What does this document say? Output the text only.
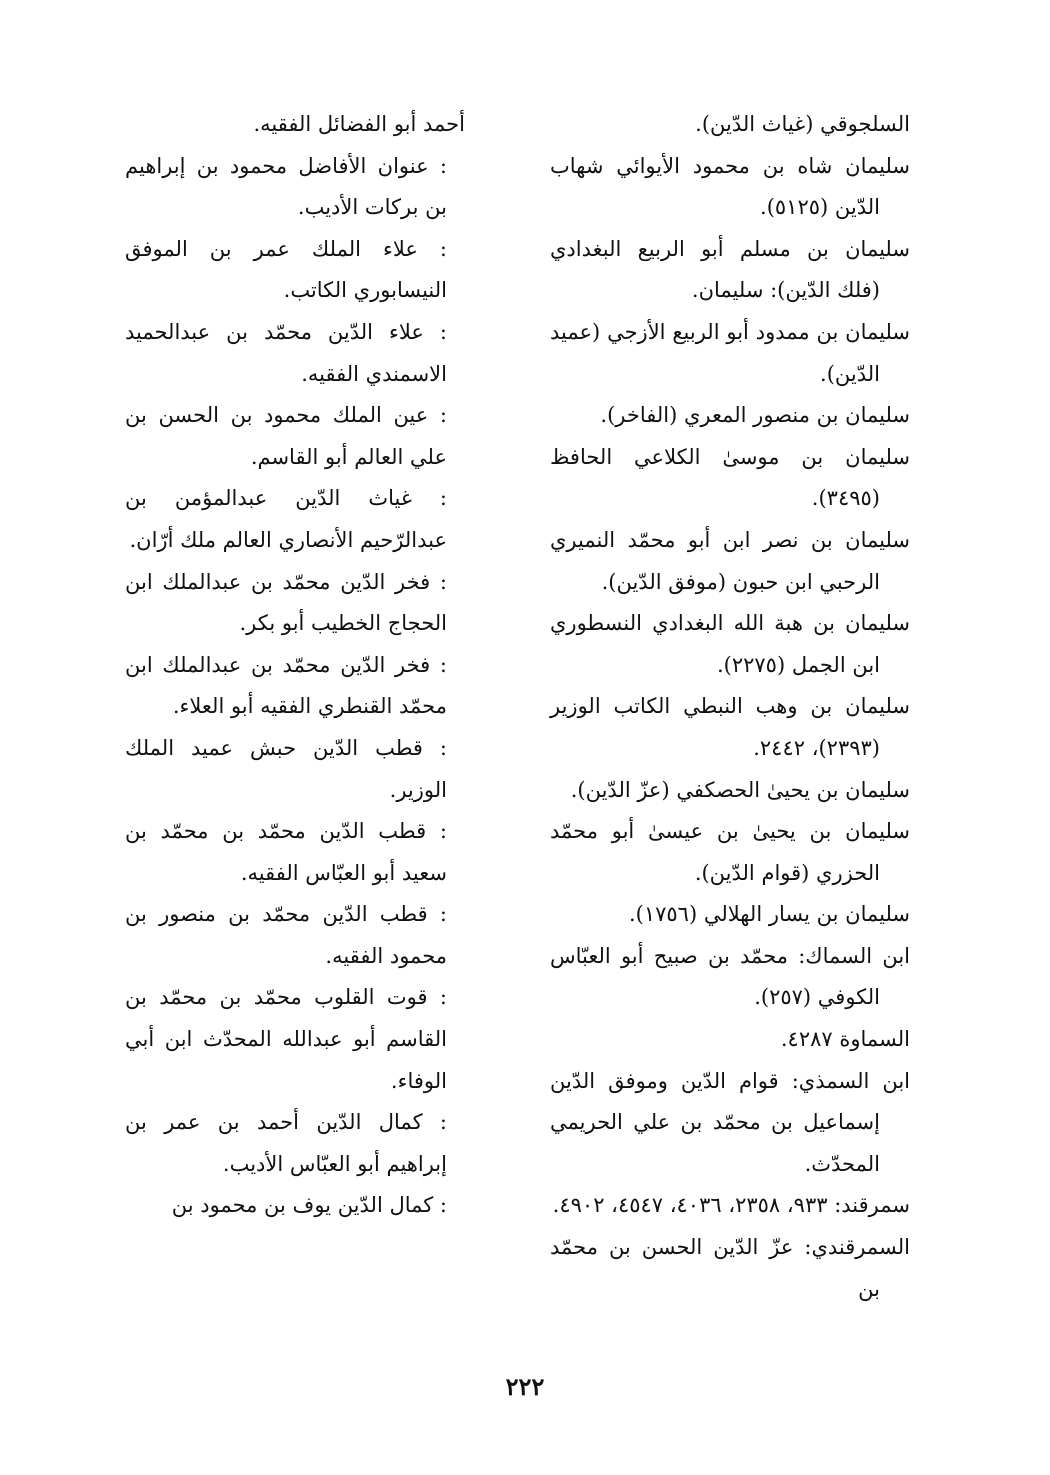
السلجوقي (غياث الدّين).
سليمان شاه بن محمود الأيوائي شهاب الدّين (٥١٢٥).
سليمان بن مسلم أبو الربيع البغدادي (فلك الدّين): سليمان.
سليمان بن ممدود أبو الربيع الأزجي (عميد الدّين).
سليمان بن منصور المعري (الفاخر).
سليمان بن موسىٰ الكلاعي الحافظ (٣٤٩٥).
سليمان بن نصر ابن أبو محمّد النميري الرحبي ابن حبون (موفق الدّين).
سليمان بن هبة الله البغدادي النسطوري ابن الجمل (٢٢٧٥).
سليمان بن وهب النبطي الكاتب الوزير (٢٣٩٣)، ٢٤٤٢.
سليمان بن يحيىٰ الحصكفي (عزّ الدّين).
سليمان بن يحيىٰ بن عيسىٰ أبو محمّد الحزري (قوام الدّين).
سليمان بن يسار الهلالي (١٧٥٦).
ابن السماك: محمّد بن صبيح أبو العبّاس الكوفي (٢٥٧).
السماوة ٤٢٨٧.
ابن السمذي: قوام الدّين وموفق الدّين إسماعيل بن محمّد بن علي الحريمي المحدّث.
سمرقند: ٩٣٣، ٢٣٥٨، ٤٠٣٦، ٤٥٤٧، ٤٩٠٢.
السمرقندي: عزّ الدّين الحسن بن محمّد بن
أحمد أبو الفضائل الفقيه.
: عنوان الأفاضل محمود بن إبراهيم بن بركات الأديب.
: علاء الملك عمر بن الموفق النيسابوري الكاتب.
: علاء الدّين محمّد بن عبدالحميد الاسمندي الفقيه.
: عين الملك محمود بن الحسن بن علي العالم أبو القاسم.
: غياث الدّين عبدالمؤمن بن عبدالرّحيم الأنصاري العالم ملك أرّان.
: فخر الدّين محمّد بن عبدالملك ابن الحجاج الخطيب أبو بكر.
: فخر الدّين محمّد بن عبدالملك ابن محمّد القنطري الفقيه أبو العلاء.
: قطب الدّين حبش عميد الملك الوزير.
: قطب الدّين محمّد بن محمّد بن سعيد أبو العبّاس الفقيه.
: قطب الدّين محمّد بن منصور بن محمود الفقيه.
: قوت القلوب محمّد بن محمّد بن القاسم أبو عبدالله المحدّث ابن أبي الوفاء.
: كمال الدّين أحمد بن عمر بن إبراهيم أبو العبّاس الأديب.
: كمال الدّين يوف بن محمود بن
٢٢٢
